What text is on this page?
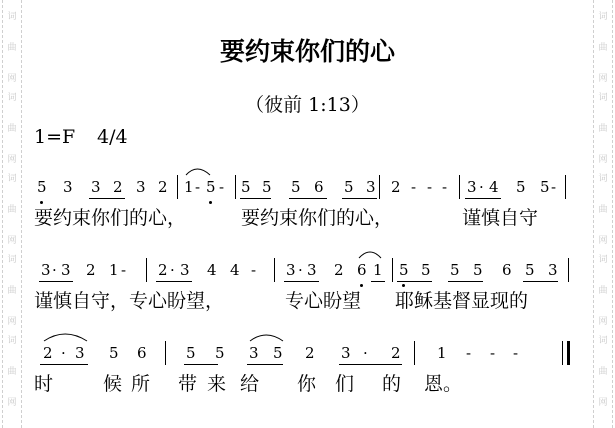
词
曲
网
词
曲
网
词
曲
网
词
曲
网
词
曲
网
词
曲
网
词
曲
网
词
曲
网
词
曲
网
词
曲
网
要约束你们的心
（彼前 1:13）
1=F 4/4
5 3 3 2 3 2 1 - 5 - 5 5 5 6 5 3 2 - - - 3 · 4 5 5 -
3 · 3 2 1 - 2 · 3 4 4 - 3 · 3 2 6 1 5 5 5 5 6 5 3
2 · 3 5 6	5 5 3 5 2 3 · 2 1 - - -
要约束你们的心，	要约束你们的心，	谨慎自守
谨慎自守，专心盼望，	专心盼望 耶稣基督显现的
时	候 所 带 来 给 你 们 的 恩。
